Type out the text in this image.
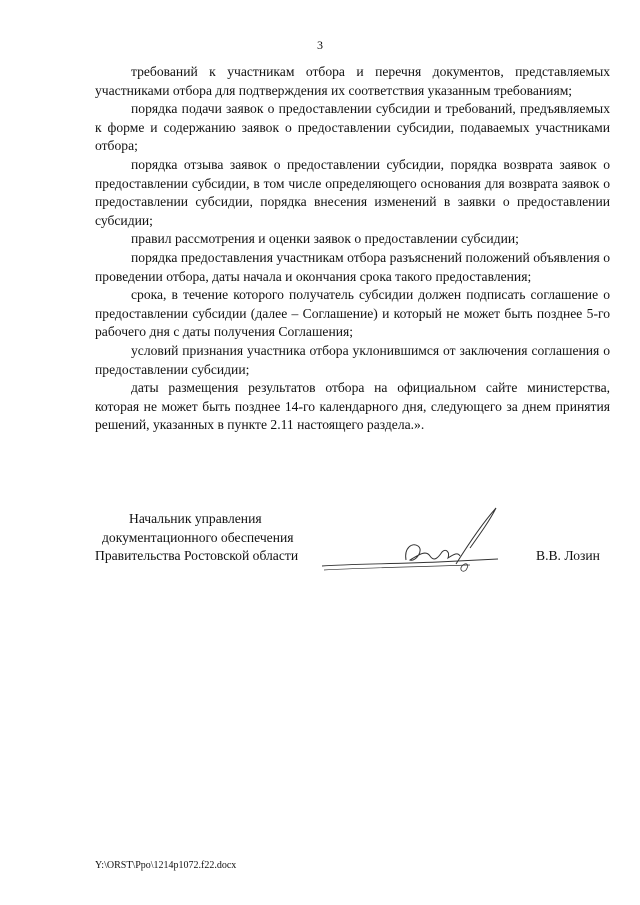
3

требований к участникам отбора и перечня документов, представляемых участниками отбора для подтверждения их соответствия указанным требованиям;

порядка подачи заявок о предоставлении субсидии и требований, предъявляемых к форме и содержанию заявок о предоставлении субсидии, подаваемых участниками отбора;

порядка отзыва заявок о предоставлении субсидии, порядка возврата заявок о предоставлении субсидии, в том числе определяющего основания для возврата заявок о предоставлении субсидии, порядка внесения изменений в заявки о предоставлении субсидии;

правил рассмотрения и оценки заявок о предоставлении субсидии;

порядка предоставления участникам отбора разъяснений положений объявления о проведении отбора, даты начала и окончания срока такого предоставления;

срока, в течение которого получатель субсидии должен подписать соглашение о предоставлении субсидии (далее – Соглашение) и который не может быть позднее 5-го рабочего дня с даты получения Соглашения;

условий признания участника отбора уклонившимся от заключения соглашения о предоставлении субсидии;

даты размещения результатов отбора на официальном сайте министерства, которая не может быть позднее 14-го календарного дня, следующего за днем принятия решений, указанных в пункте 2.11 настоящего раздела.».

Начальник управления
документационного обеспечения
Правительства Ростовской области	В.В. Лозин
Y:\ORST\Ppo\1214p1072.f22.docx
